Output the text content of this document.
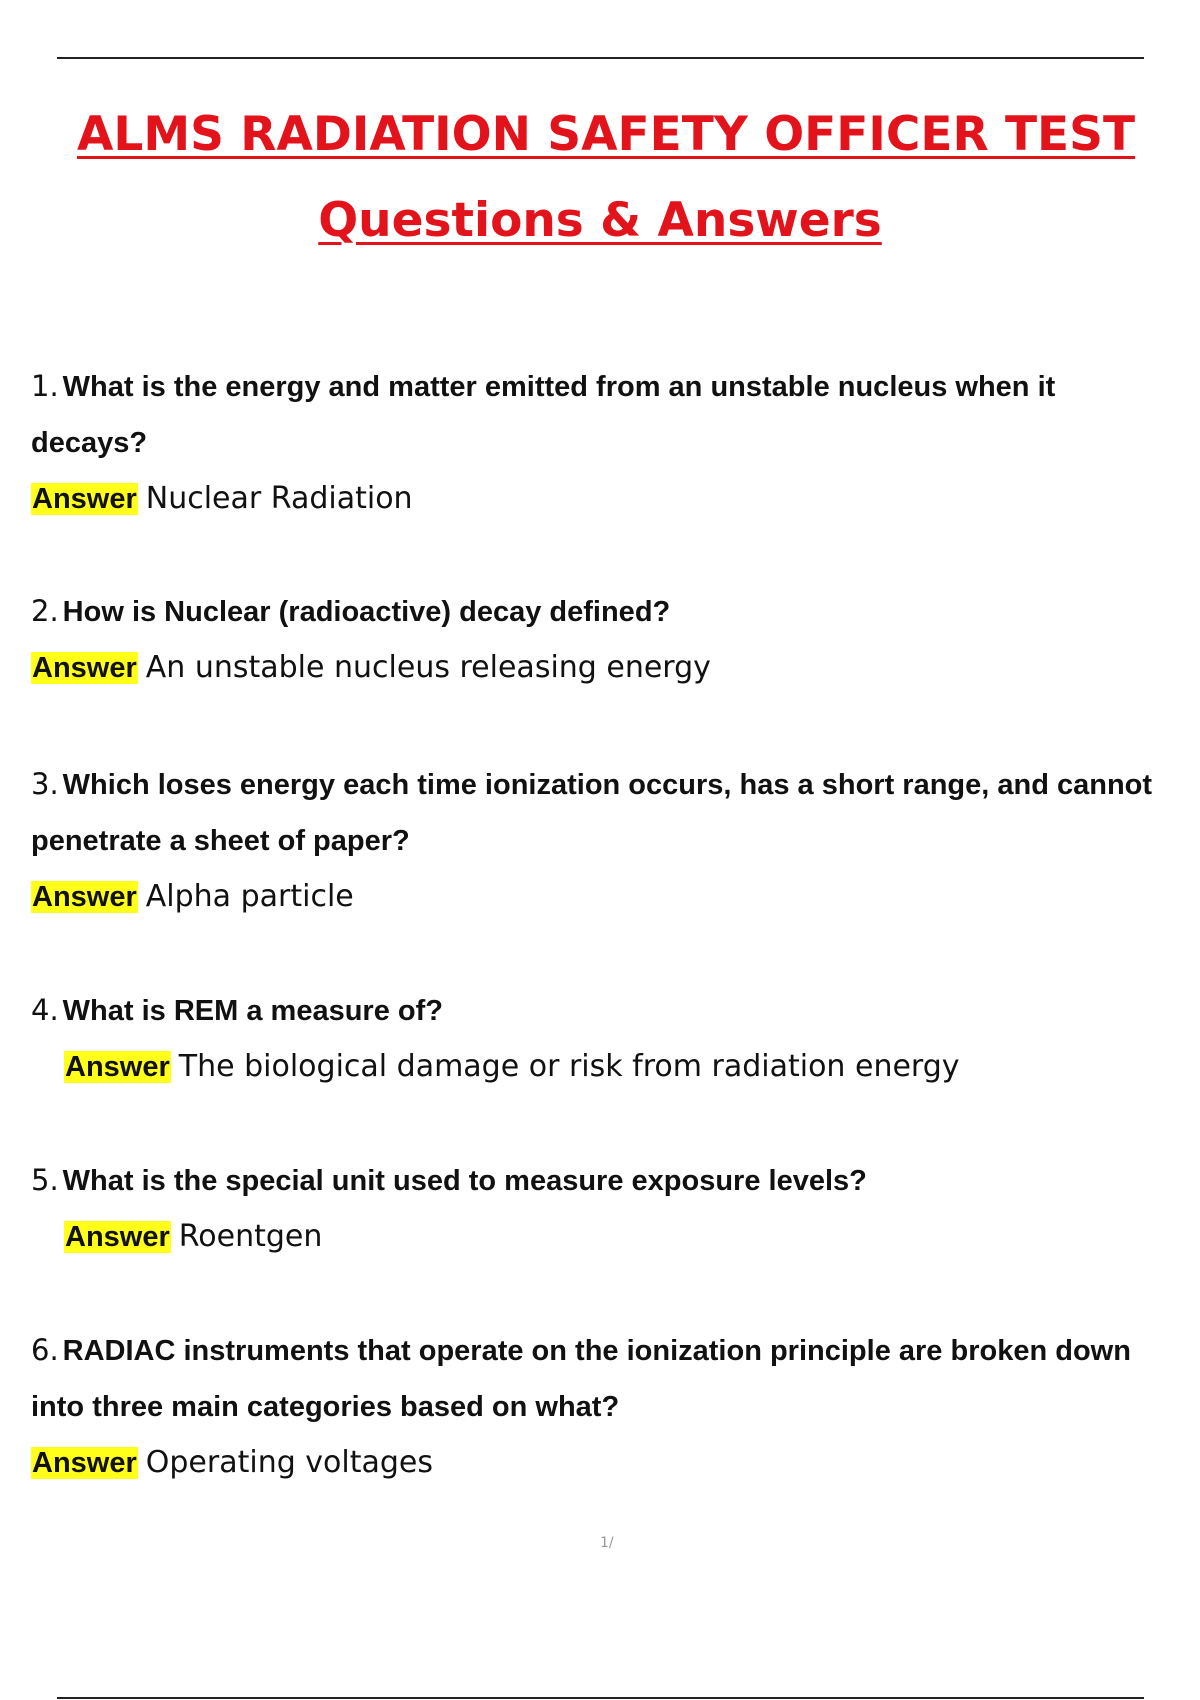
ALMS RADIATION SAFETY OFFICER TEST
Questions & Answers

1. What is the energy and matter emitted from an unstable nucleus when it decays?

Answer Nuclear Radiation

2. How is Nuclear (radioactive) decay defined?

Answer An unstable nucleus releasing energy

3. Which loses energy each time ionization occurs, has a short range, and cannot penetrate a sheet of paper?

Answer Alpha particle

4. What is REM a measure of?

Answer The biological damage or risk from radiation energy

5. What is the special unit used to measure exposure levels?

Answer Roentgen

6. RADIAC instruments that operate on the ionization principle are broken down into three main categories based on what?

Answer Operating voltages

1/
